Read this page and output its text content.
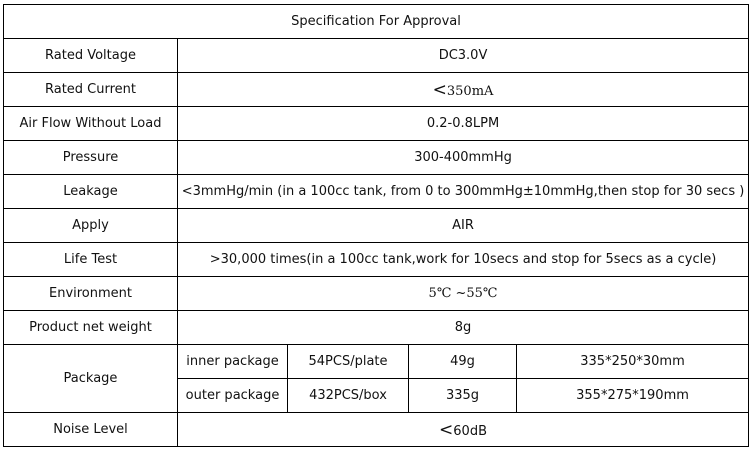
Specification For Approval				
Rated Voltage	DC3.0V			
Rated Current	<350mA			
Air Flow Without Load	0.2-0.8LPM			
Pressure	300-400mmHg			
Leakage	<3mmHg/min (in a 100cc tank, from 0 to 300mmHg±10mmHg,then stop for 30 secs )			
Apply	AIR			
Life Test	>30,000 times(in a 100cc tank,work for 10secs and stop for 5secs as a cycle)			
Environment	5℃ ~55℃			
Product net weight	8g			
Package	inner package	54PCS/plate	49g	335*250*30mm
	outer package	432PCS/box	335g	355*275*190mm
Noise Level	<60dB			
